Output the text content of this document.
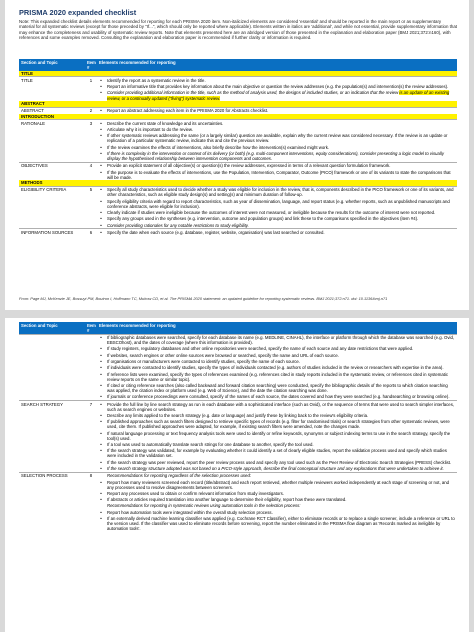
PRISMA 2020 expanded checklist
Note: This expanded checklist details elements recommended for reporting for each PRISMA 2020 item. Non-italicized elements are considered 'essential' and should be reported in the main report or as supplementary material for all systematic reviews (except for those preceded by "If...", which should only be reported where applicable). Elements written in italics are 'additional', and while not essential, provide supplementary information that may enhance the completeness and usability of systematic review reports. Note that elements presented here are an abridged version of those presented in the explanation and elaboration paper (BMJ 2021;372:n160), with references and some examples removed. Consulting the explanation and elaboration paper is recommended if further clarity or information is required.
Section and Topic	Item #	Elements recommended for reporting	
TITLE			
TITLE	1	•	Identify the report as a systematic review in the title.
		•	Report an informative title that provides key information about the main objective or question the review addresses (e.g. the population(s) and intervention(s) the review addresses).
		•	Consider providing additional information in the title, such as the method of analysis used, the designs of included studies, or an indication that the review is an update of an existing review, or a continually updated ("living") systematic review.
ABSTRACT			
ABSTRACT	2	•	Report an abstract addressing each item in the PRISMA 2020 for Abstracts checklist.
INTRODUCTION			
RATIONALE	3	•	Describe the current state of knowledge and its uncertainties.
		•	Articulate why it is important to do the review.
		•	If other systematic reviews addressing the same (or a largely similar) question are available, explain why the current review was considered necessary. If the review is an update or replication of a particular systematic review, indicate this and cite the previous review.
		•	If the review examines the effects of interventions, also briefly describe how the intervention(s) examined might work.
		•	If there is complexity in the intervention or context of its delivery (or both) (e.g. multi-component interventions, equity considerations), consider presenting a logic model to visually display the hypothesised relationship between intervention components and outcomes.
OBJECTIVES	4	•	Provide an explicit statement of all objective(s) or question(s) the review addresses, expressed in terms of a relevant question formulation framework.
		•	If the purpose is to evaluate the effects of interventions, use the Population, Intervention, Comparator, Outcome (PICO) framework or one of its variants to state the comparisons that will be made.
METHODS			
ELIGIBILITY CRITERIA	5	•	Specify all study characteristics used to decide whether a study was eligible for inclusion in the review, that is, components described in the PICO framework or one of its variants, and other characteristics, such as eligible study design(s) and setting(s) and minimum duration of follow-up.
		•	Specify eligibility criteria with regard to report characteristics, such as year of dissemination, language, and report status (e.g. whether reports, such as unpublished manuscripts and conference abstracts, were eligible for inclusion).
		•	Clearly indicate if studies were ineligible because the outcomes of interest were not measured, or ineligible because the results for the outcome of interest were not reported.
		•	Specify any groups used in the syntheses (e.g. intervention, outcome and population groups) and link these to the comparisons specified in the objectives (item #4).
		•	Consider providing rationales for any notable restrictions to study eligibility.
INFORMATION SOURCES	6	•	Specify the date when each source (e.g. database, register, website, organisation) was last searched or consulted.
From: Page MJ, McKenzie JE, Bossuyt PM, Boutron I, Hoffmann TC, Mulrow CD, et al. The PRISMA 2020 statement: an updated guideline for reporting systematic reviews. BMJ 2021;372:n71. doi: 10.1136/bmj.n71
Section and Topic	Item #	Elements recommended for reporting	
		•	If bibliographic databases were searched, specify for each database its name (e.g. MEDLINE, CINAHL), the interface or platform through which the database was searched (e.g. Ovid, EBSCOhost), and the dates of coverage (where this information is provided).
		•	If study registers, regulatory databases and other online repositories were searched, specify the name of each source and any date restrictions that were applied.
		•	If websites, search engines or other online sources were browsed or searched, specify the name and URL of each source.
		•	If organisations or manufacturers were contacted to identify studies, specify the name of each source.
		•	If individuals were contacted to identify studies, specify the types of individuals contacted (e.g. authors of studies included in the review or researchers with expertise in the area).
		•	If reference lists were examined, specify the types of references examined (e.g. references cited in study reports included in the systematic review, or references cited in systematic review reports on the same or similar topic).
		•	If cited or citing reference searches (also called backward and forward citation searching) were conducted, specify the bibliographic details of the reports to which citation searching was applied, the citation index or platform used (e.g. Web of Science), and the date the citation searching was done.
		•	If journals or conference proceedings were consulted, specify of the names of each source, the dates covered and how they were searched (e.g. handsearching or browsing online).
SEARCH STRATEGY	7	•	Provide the full line by line search strategy as run in each database with a sophisticated interface (such as Ovid), or the sequence of terms that were used to search simpler interfaces, such as search engines or websites.
		•	Describe any limits applied to the search strategy (e.g. date or language) and justify these by linking back to the review's eligibility criteria.
		•	If published approaches such as search filters designed to retrieve specific types of records (e.g. filter for randomised trials) or search strategies from other systematic reviews, were used, cite them. If published approaches were adapted, for example, if existing search filters were amended, note the changes made.
		•	If natural language processing or text frequency analysis tools were used to identify or refine keywords, synonyms or subject indexing terms to use in the search strategy, specify the tool(s) used.
		•	If a tool was used to automatically translate search strings for one database to another, specify the tool used.
		•	If the search strategy was validated, for example by evaluating whether it could identify a set of clearly eligible studies, report the validation process used and specify which studies were included in the validation set.
		•	If the search strategy was peer reviewed, report the peer review process used and specify any tool used such as the Peer Review of Electronic Search Strategies (PRESS) checklist.
		•	If the search strategy structure adopted was not based on a PICO-style approach, describe the final conceptual structure and any explorations that were undertaken to achieve it.
SELECTION PROCESS	8		Recommendations for reporting regardless of the selection processes used:
		•	Report how many reviewers screened each record (title/abstract) and each report retrieved, whether multiple reviewers worked independently at each stage of screening or not, and any processes used to resolve disagreements between screeners.
		•	Report any processes used to obtain or confirm relevant information from study investigators.
		•	If abstracts or articles required translation into another language to determine their eligibility, report how these were translated.
			Recommendations for reporting in systematic reviews using automation tools in the selection process:
		•	Report how automation tools were integrated within the overall study selection process.
		•	If an externally derived machine learning classifier was applied (e.g. Cochrane RCT Classifier), either to eliminate records or to replace a single screener, include a reference or URL to the version used. If the classifier was used to eliminate records before screening, report the number eliminated in the PRISMA flow diagram as 'Records marked as ineligible by automation tools'.
